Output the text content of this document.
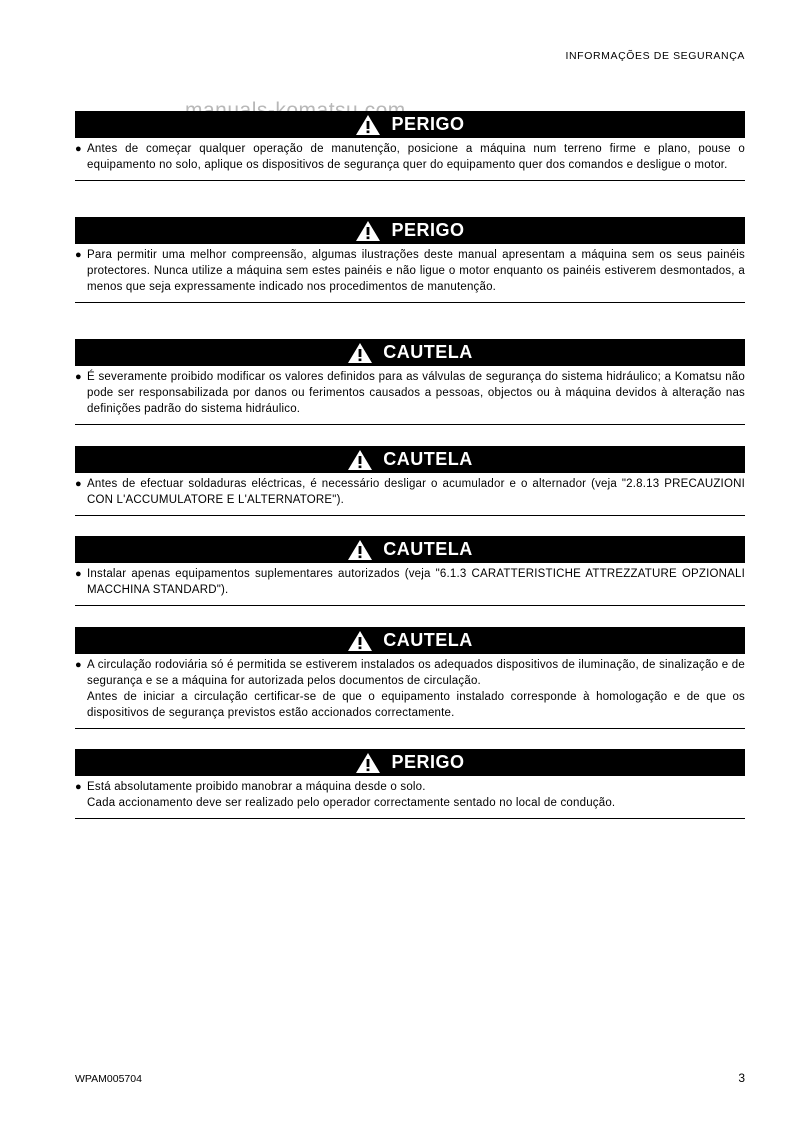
INFORMAÇÕES DE SEGURANÇA
PERIGO
● Antes de começar qualquer operação de manutenção, posicione a máquina num terreno firme e plano, pouse o equipamento no solo, aplique os dispositivos de segurança quer do equipamento quer dos comandos e desligue o motor.
PERIGO
● Para permitir uma melhor compreensão, algumas ilustrações deste manual apresentam a máquina sem os seus painéis protectores. Nunca utilize a máquina sem estes painéis e não ligue o motor enquanto os painéis estiverem desmontados, a menos que seja expressamente indicado nos procedimentos de manutenção.
CAUTELA
● É severamente proibido modificar os valores definidos para as válvulas de segurança do sistema hidráulico; a Komatsu não pode ser responsabilizada por danos ou ferimentos causados a pessoas, objectos ou à máquina devidos à alteração nas definições padrão do sistema hidráulico.
CAUTELA
● Antes de efectuar soldaduras eléctricas, é necessário desligar o acumulador e o alternador (veja "2.8.13 PRECAUZIONI CON L'ACCUMULATORE E L'ALTERNATORE").
CAUTELA
● Instalar apenas equipamentos suplementares autorizados (veja "6.1.3 CARATTERISTICHE ATTREZZATURE OPZIONALI MACCHINA STANDARD").
CAUTELA
● A circulação rodoviária só é permitida se estiverem instalados os adequados dispositivos de iluminação, de sinalização e de segurança e se a máquina for autorizada pelos documentos de circulação.
Antes de iniciar a circulação certificar-se de que o equipamento instalado corresponde à homologação e de que os dispositivos de segurança previstos estão accionados correctamente.
PERIGO
● Está absolutamente proibido manobrar a máquina desde o solo.
Cada accionamento deve ser realizado pelo operador correctamente sentado no local de condução.
WPAM005704	3
